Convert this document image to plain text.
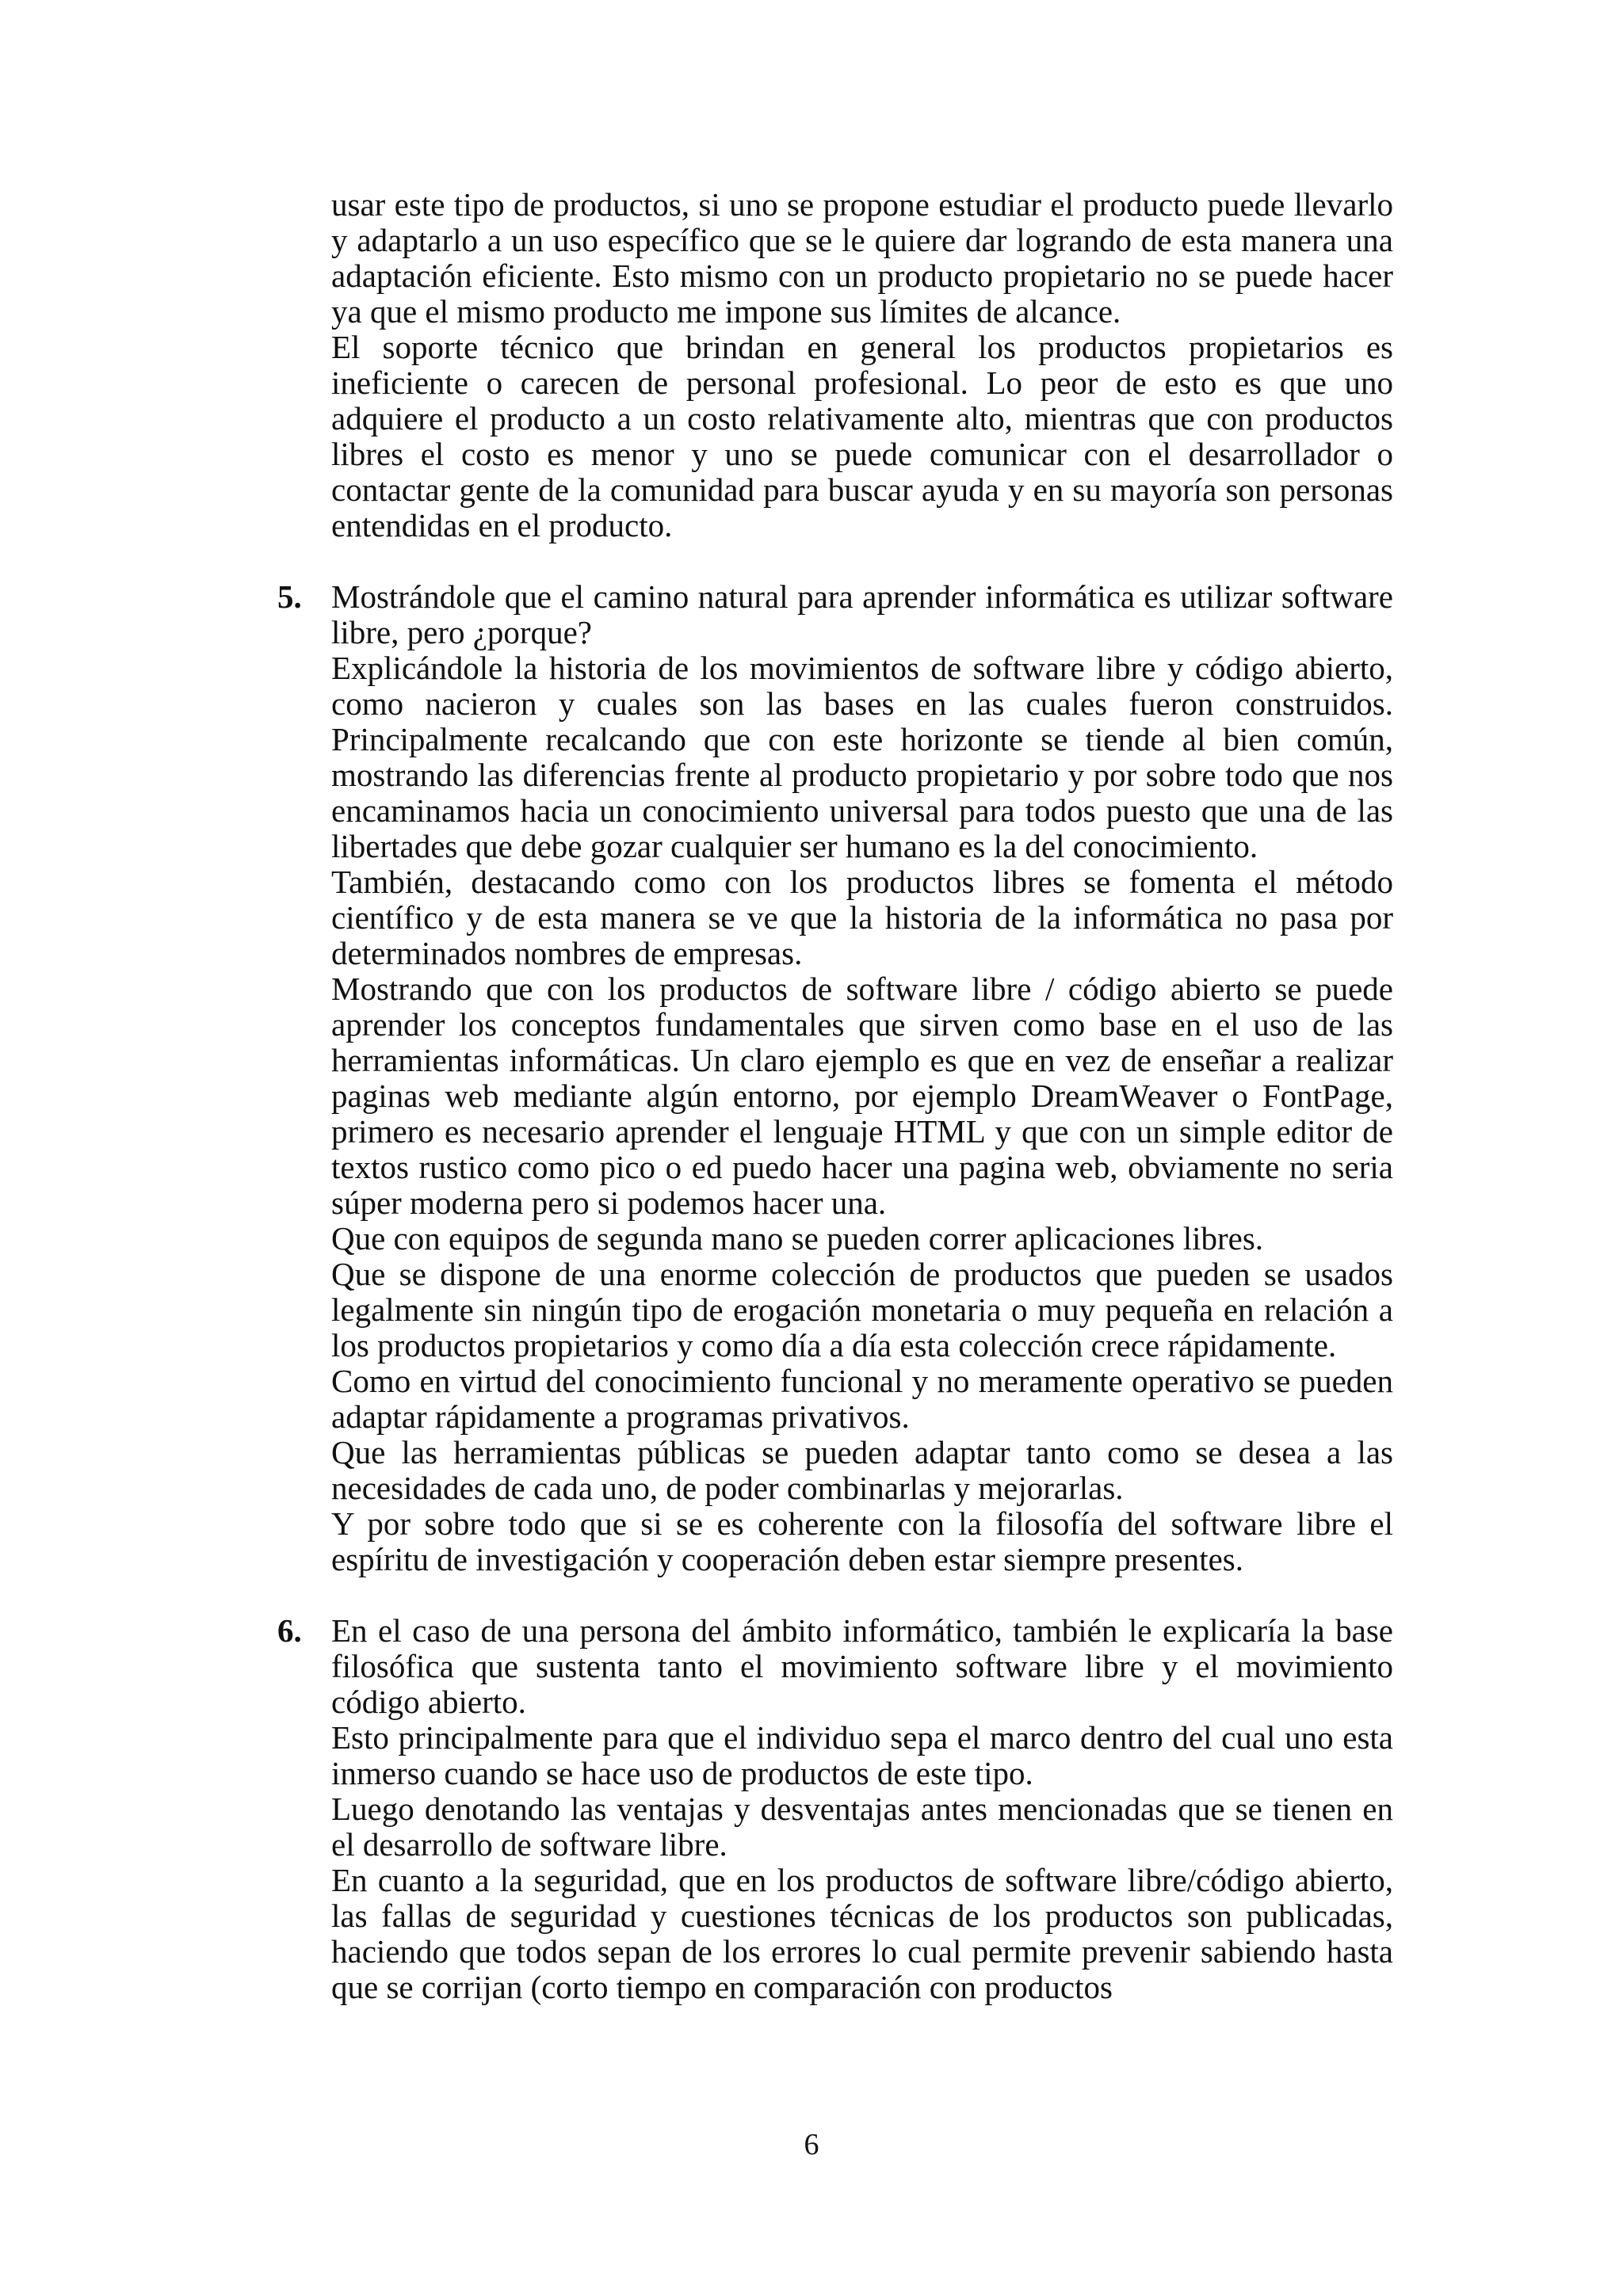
usar este tipo de productos, si uno se propone estudiar el producto puede llevarlo y adaptarlo a un uso específico que se le quiere dar logrando de esta manera una adaptación eficiente. Esto mismo con un producto propietario no se puede hacer ya que el mismo producto me impone sus límites de alcance.

El soporte técnico que brindan en general los productos propietarios es ineficiente o carecen de personal profesional. Lo peor de esto es que uno adquiere el producto a un costo relativamente alto, mientras que con productos libres el costo es menor y uno se puede comunicar con el desarrollador o contactar gente de la comunidad para buscar ayuda y en su mayoría son personas entendidas en el producto.

5. Mostrándole que el camino natural para aprender informática es utilizar software libre, pero ¿porque?

Explicándole la historia de los movimientos de software libre y código abierto, como nacieron y cuales son las bases en las cuales fueron construidos. Principalmente recalcando que con este horizonte se tiende al bien común, mostrando las diferencias frente al producto propietario y por sobre todo que nos encaminamos hacia un conocimiento universal para todos puesto que una de las libertades que debe gozar cualquier ser humano es la del conocimiento.

También, destacando como con los productos libres se fomenta el método científico y de esta manera se ve que la historia de la informática no pasa por determinados nombres de empresas.

Mostrando que con los productos de software libre / código abierto se puede aprender los conceptos fundamentales que sirven como base en el uso de las herramientas informáticas. Un claro ejemplo es que en vez de enseñar a realizar paginas web mediante algún entorno, por ejemplo DreamWeaver o FontPage, primero es necesario aprender el lenguaje HTML y que con un simple editor de textos rustico como pico o ed puedo hacer una pagina web, obviamente no seria súper moderna pero si podemos hacer una.

Que con equipos de segunda mano se pueden correr aplicaciones libres.

Que se dispone de una enorme colección de productos que pueden se usados legalmente sin ningún tipo de erogación monetaria o muy pequeña en relación a los productos propietarios y como día a día esta colección crece rápidamente.

Como en virtud del conocimiento funcional y no meramente operativo se pueden adaptar rápidamente a programas privativos.

Que las herramientas públicas se pueden adaptar tanto como se desea a las necesidades de cada uno, de poder combinarlas y mejorarlas.

Y por sobre todo que si se es coherente con la filosofía del software libre el espíritu de investigación y cooperación deben estar siempre presentes.

6. En el caso de una persona del ámbito informático, también le explicaría la base filosófica que sustenta tanto el movimiento software libre y el movimiento código abierto.

Esto principalmente para que el individuo sepa el marco dentro del cual uno esta inmerso cuando se hace uso de productos de este tipo.

Luego denotando las ventajas y desventajas antes mencionadas que se tienen en el desarrollo de software libre.

En cuanto a la seguridad, que en los productos de software libre/código abierto, las fallas de seguridad y cuestiones técnicas de los productos son publicadas, haciendo que todos sepan de los errores lo cual permite prevenir sabiendo hasta que se corrijan (corto tiempo en comparación con productos

6
